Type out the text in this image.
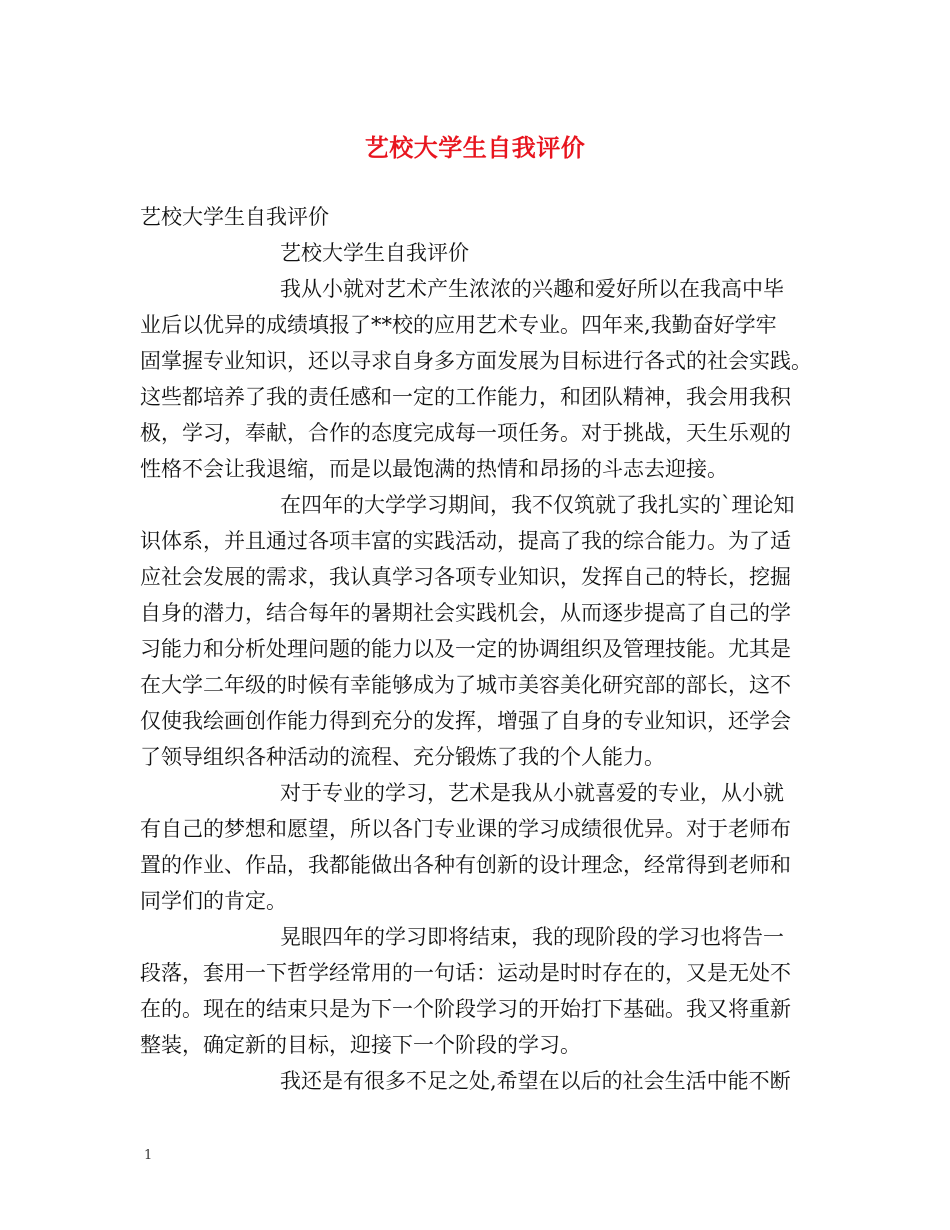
艺校大学生自我评价
艺校大学生自我评价
艺校大学生自我评价
我从小就对艺术产生浓浓的兴趣和爱好所以在我高中毕
业后以优异的成绩填报了**校的应用艺术专业。四年来,我勤奋好学牢
固掌握专业知识，还以寻求自身多方面发展为目标进行各式的社会实践。
这些都培养了我的责任感和一定的工作能力，和团队精神，我会用我积
极，学习，奉献，合作的态度完成每一项任务。对于挑战，天生乐观的
性格不会让我退缩，而是以最饱满的热情和昂扬的斗志去迎接。
在四年的大学学习期间，我不仅筑就了我扎实的`理论知
识体系，并且通过各项丰富的实践活动，提高了我的综合能力。为了适
应社会发展的需求，我认真学习各项专业知识，发挥自己的特长，挖掘
自身的潜力，结合每年的暑期社会实践机会，从而逐步提高了自己的学
习能力和分析处理问题的能力以及一定的协调组织及管理技能。尤其是
在大学二年级的时候有幸能够成为了城市美容美化研究部的部长，这不
仅使我绘画创作能力得到充分的发挥，增强了自身的专业知识，还学会
了领导组织各种活动的流程、充分锻炼了我的个人能力。
对于专业的学习，艺术是我从小就喜爱的专业，从小就
有自己的梦想和愿望，所以各门专业课的学习成绩很优异。对于老师布
置的作业、作品，我都能做出各种有创新的设计理念，经常得到老师和
同学们的肯定。
晃眼四年的学习即将结束，我的现阶段的学习也将告一
段落，套用一下哲学经常用的一句话：运动是时时存在的，又是无处不
在的。现在的结束只是为下一个阶段学习的开始打下基础。我又将重新
整装，确定新的目标，迎接下一个阶段的学习。
我还是有很多不足之处,希望在以后的社会生活中能不断
1
